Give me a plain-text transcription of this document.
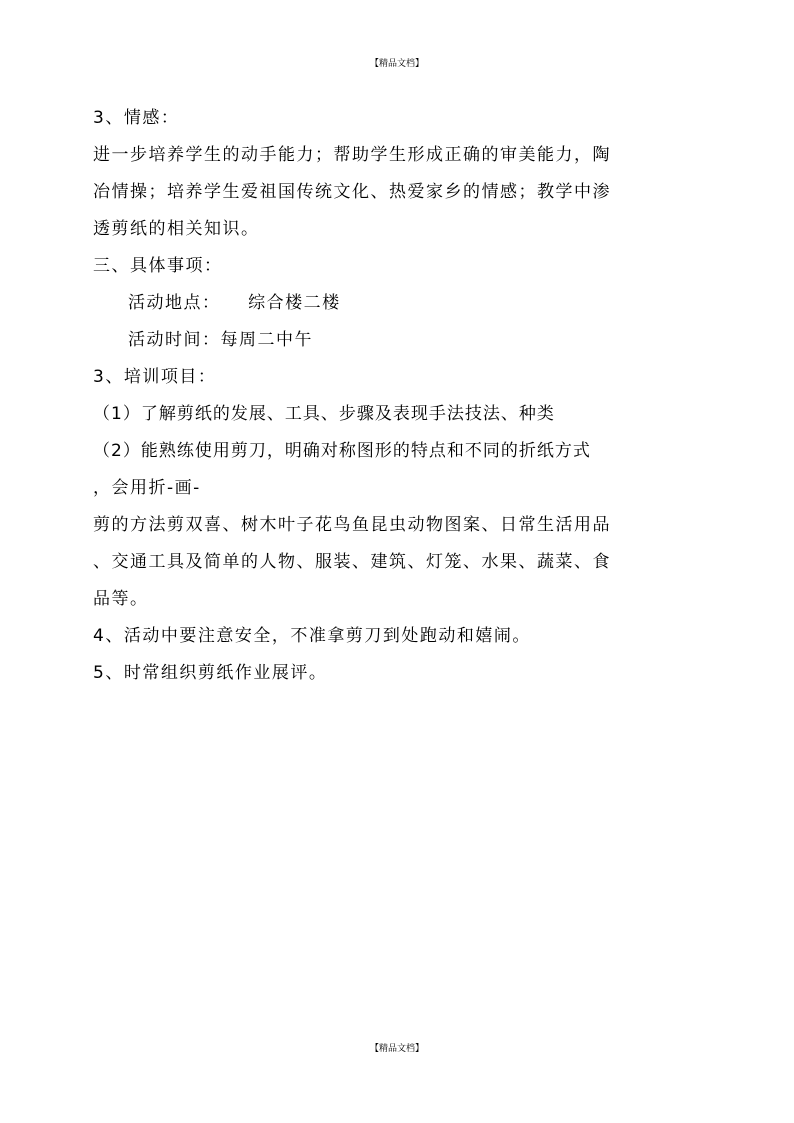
【精品文档】
3、情感：
进一步培养学生的动手能力；帮助学生形成正确的审美能力，陶
冶情操；培养学生爱祖国传统文化、热爱家乡的情感；教学中渗
透剪纸的相关知识。
三、具体事项：
活动地点：    综合楼二楼
活动时间：每周二中午
3、培训项目：
（1）了解剪纸的发展、工具、步骤及表现手法技法、种类
（2）能熟练使用剪刀，明确对称图形的特点和不同的折纸方式
，会用折-画-
剪的方法剪双喜、树木叶子花鸟鱼昆虫动物图案、日常生活用品
、交通工具及简单的人物、服装、建筑、灯笼、水果、蔬菜、食
品等。
4、活动中要注意安全，不准拿剪刀到处跑动和嬉闹。
5、时常组织剪纸作业展评。
【精品文档】
